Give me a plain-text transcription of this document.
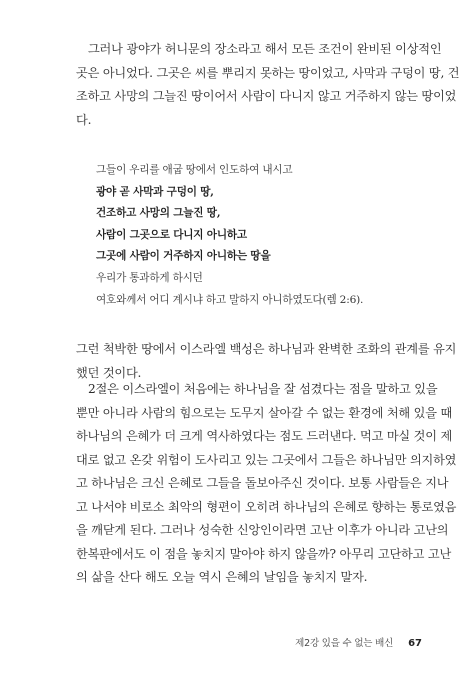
　그러나 광야가 허니문의 장소라고 해서 모든 조건이 완비된 이상적인
곳은 아니었다. 그곳은 씨를 뿌리지 못하는 땅이었고, 사막과 구덩이 땅, 건
조하고 사망의 그늘진 땅이어서 사람이 다니지 않고 거주하지 않는 땅이었
다.

그들이 우리를 애굽 땅에서 인도하여 내시고
광야 곧 사막과 구덩이 땅,
건조하고 사망의 그늘진 땅,
사람이 그곳으로 다니지 아니하고
그곳에 사람이 거주하지 아니하는 땅을
우리가 통과하게 하시던
여호와께서 어디 계시냐 하고 말하지 아니하였도다(렘 2:6).

그런 척박한 땅에서 이스라엘 백성은 하나님과 완벽한 조화의 관계를 유지
했던 것이다.

　2절은 이스라엘이 처음에는 하나님을 잘 섬겼다는 점을 말하고 있을
뿐만 아니라 사람의 힘으로는 도무지 살아갈 수 없는 환경에 처해 있을 때
하나님의 은혜가 더 크게 역사하였다는 점도 드러낸다. 먹고 마실 것이 제
대로 없고 온갖 위험이 도사리고 있는 그곳에서 그들은 하나님만 의지하였
고 하나님은 크신 은혜로 그들을 돌보아주신 것이다. 보통 사람들은 지나
고 나서야 비로소 최악의 형편이 오히려 하나님의 은혜로 향하는 통로였음
을 깨닫게 된다. 그러나 성숙한 신앙인이라면 고난 이후가 아니라 고난의
한복판에서도 이 점을 놓치지 말아야 하지 않을까? 아무리 고단하고 고난
의 삶을 산다 해도 오늘 역시 은혜의 날임을 놓치지 말자.

제2강 있을 수 없는 배신 67
